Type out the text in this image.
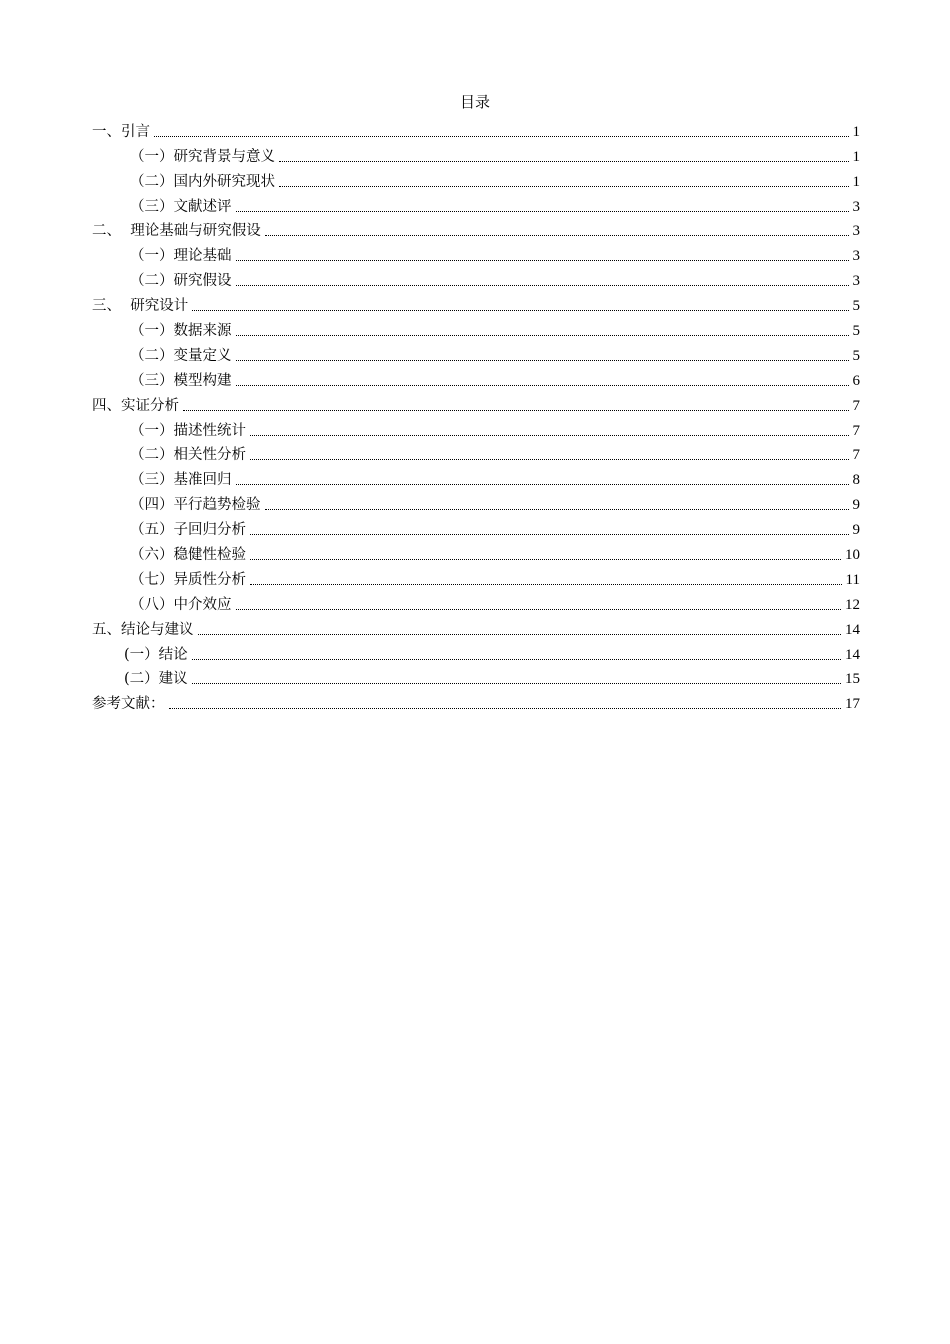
目录
一、引言	1
（一）研究背景与意义	1
（二）国内外研究现状	1
（三）文献述评	3
二、  理论基础与研究假设	3
（一）理论基础	3
（二）研究假设	3
三、  研究设计	5
（一）数据来源	5
（二）变量定义	5
（三）模型构建	6
四、实证分析	7
（一）描述性统计	7
（二）相关性分析	7
（三）基准回归	8
（四）平行趋势检验	9
（五）子回归分析	9
（六）稳健性检验	10
（七）异质性分析	11
（八）中介效应	12
五、结论与建议	14
(一）结论	14
(二）建议	15
参考文献：	17
